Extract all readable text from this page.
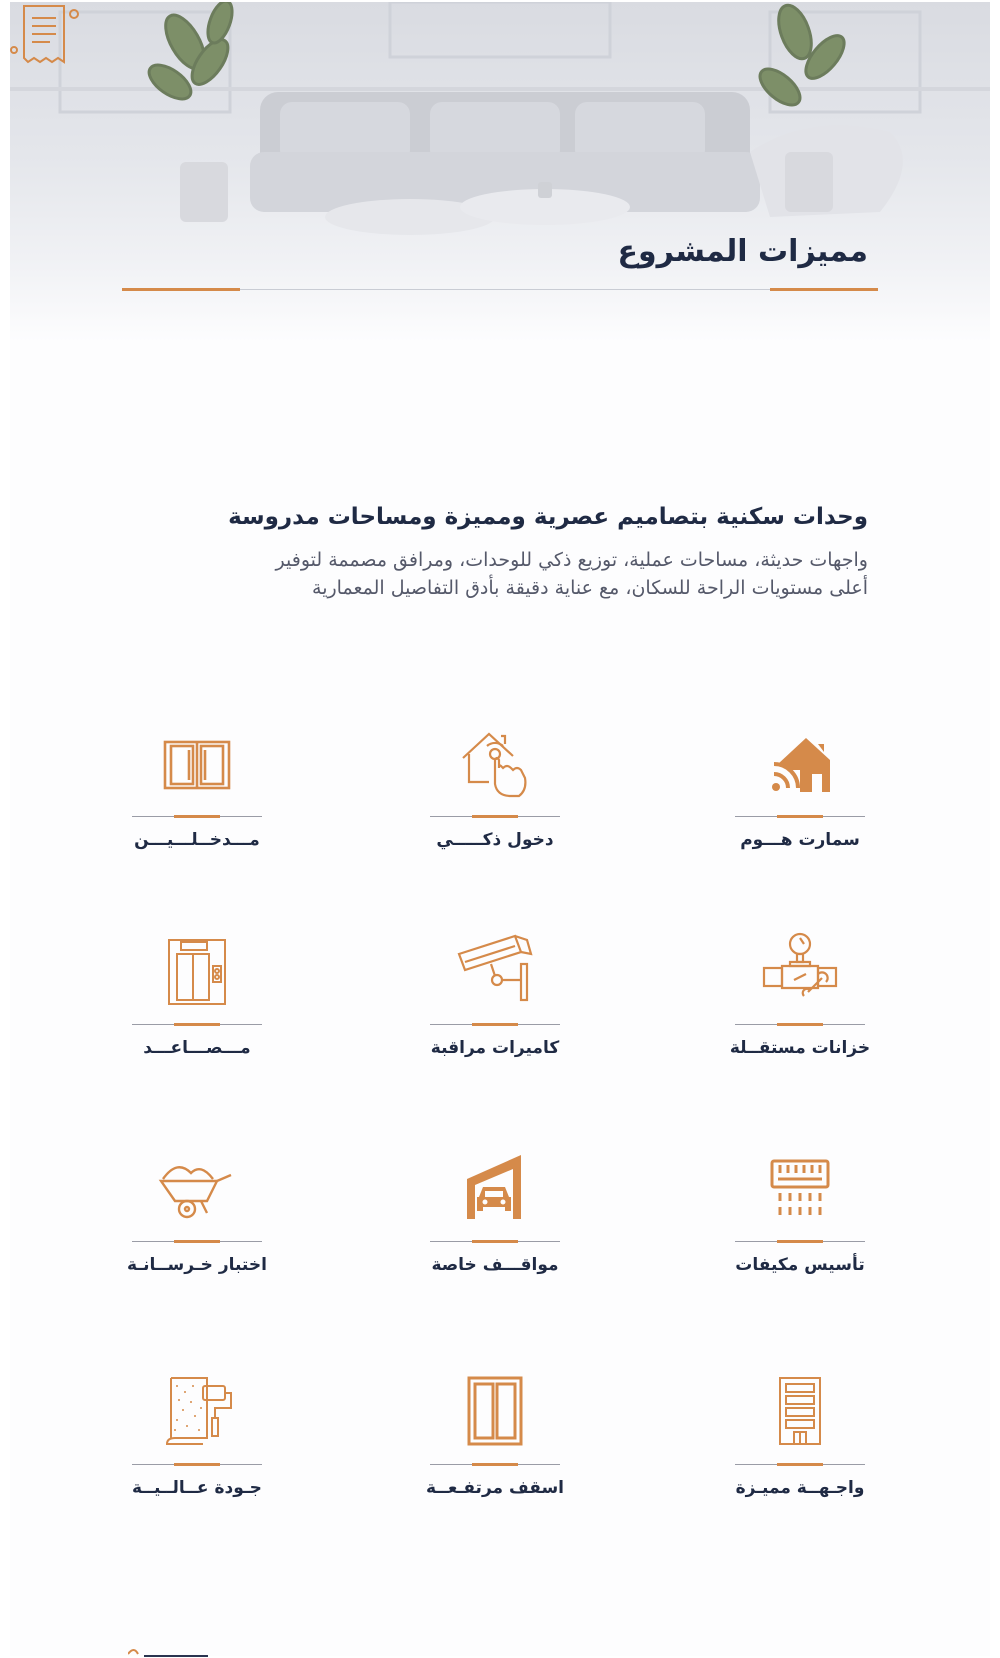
مميزات المشروع
وحدات سكنية بتصاميم عصرية ومميزة ومساحات مدروسة
واجهات حديثة، مساحات عملية، توزيع ذكي للوحدات، ومرافق مصممة لتوفير
أعلى مستويات الراحة للسكان، مع عناية دقيقة بأدق التفاصيل المعمارية
سمارت هـــوم
دخول ذكـــــي
مـــدخــلـــيـــن
خزانات مستقــلة
كاميرات مراقبة
مـــصـــاعـــد
تأسيس مكيفات
مواقـــف خاصة
اختبار خـرســانـة
واجـهــة مميـزة
اسقف مرتفـعــة
جـودة عــالــيــة
